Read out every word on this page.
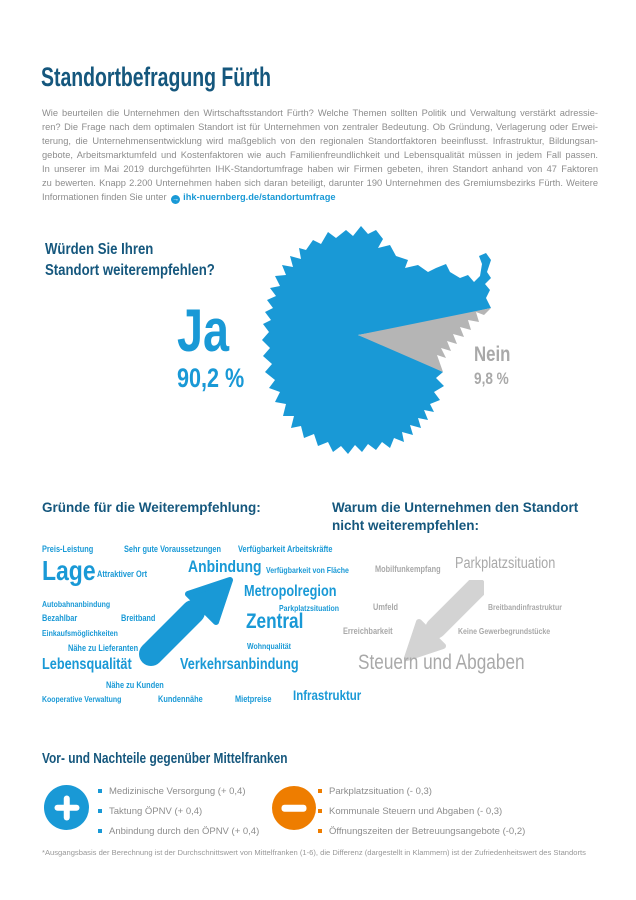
Standortbefragung Fürth
Wie beurteilen die Unternehmen den Wirtschaftsstandort Fürth? Welche Themen sollten Politik und Verwaltung verstärkt adressie-
ren? Die Frage nach dem optimalen Standort ist für Unternehmen von zentraler Bedeutung. Ob Gründung, Verlagerung oder Erwei-
terung, die Unternehmensentwicklung wird maßgeblich von den regionalen Standortfaktoren beeinflusst. Infrastruktur, Bildungsan-
gebote, Arbeitsmarktumfeld und Kostenfaktoren wie auch Familienfreundlichkeit und Lebensqualität müssen in jedem Fall passen.
In unserer im Mai 2019 durchgeführten IHK-Standortumfrage haben wir Firmen gebeten, ihren Standort anhand von 47 Faktoren
zu bewerten. Knapp 2.200 Unternehmen haben sich daran beteiligt, darunter 190 Unternehmen des Gremiumsbezirks Fürth. Weitere
Informationen finden Sie unter → ihk-nuernberg.de/standortumfrage
Würden Sie Ihren
Standort weiterempfehlen?
Ja
90,2 %
Nein
9,8 %
Gründe für die Weiterempfehlung:	Warum die Unternehmen den Standort
nicht weiterempfehlen:
Preis-Leistung	Sehr gute Voraussetzungen Verfügbarkeit Arbeitskräfte
Lage Attraktiver Ort Anbindung Verfügbarkeit von Fläche
Metropolregion
Autobahnanbindung	Parkplatzsituation
Bezahlbar	Breitband	Zentral
Einkaufsmöglichkeiten
Nähe zu Lieferanten	Wohnqualität
Lebensqualität	Verkehrsanbindung
Nähe zu Kunden
Kooperative Verwaltung	Kundennähe	Mietpreise Infrastruktur
Mobilfunkempfang Parkplatzsituation
Umfeld	Breitbandinfrastruktur
Erreichbarkeit	Keine Gewerbegrundstücke
Steuern und Abgaben
Vor- und Nachteile gegenüber Mittelfranken
Medizinische Versorgung (+ 0,4)
Taktung ÖPNV (+ 0,4)
Anbindung durch den ÖPNV (+ 0,4)
Parkplatzsituation (- 0,3)
Kommunale Steuern und Abgaben (- 0,3)
Öffnungszeiten der Betreuungsangebote (-0,2)
*Ausgangsbasis der Berechnung ist der Durchschnittswert von Mittelfranken (1-6), die Differenz (dargestellt in Klammern) ist der Zufriedenheitswert des Standorts
